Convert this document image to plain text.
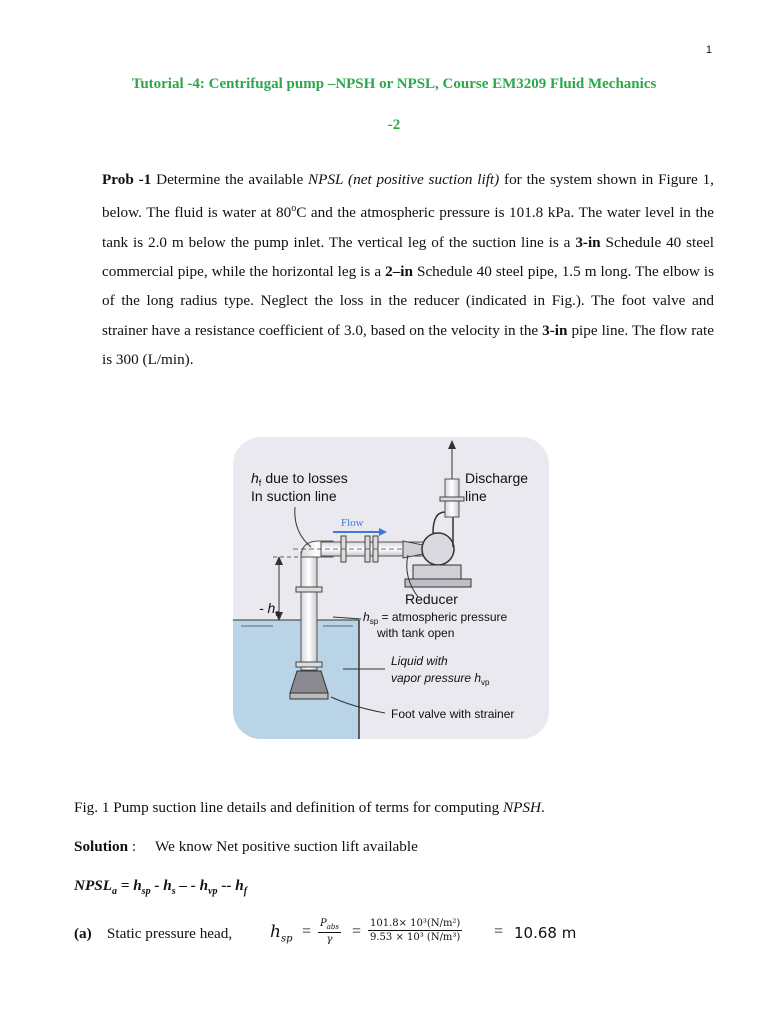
1
Tutorial -4: Centrifugal pump –NPSH or NPSL, Course EM3209 Fluid Mechanics
-2
Prob -1 Determine the available NPSL (net positive suction lift) for the system shown in Figure 1, below. The fluid is water at 80$^o$C and the atmospheric pressure is 101.8 kPa. The water level in the tank is 2.0 m below the pump inlet. The vertical leg of the suction line is a 3-in Schedule 40 steel commercial pipe, while the horizontal leg is a 2–in Schedule 40 steel pipe, 1.5 m long. The elbow is of the long radius type. Neglect the loss in the reducer (indicated in Fig.). The foot valve and strainer have a resistance coefficient of 3.0, based on the velocity in the 3-in pipe line. The flow rate is 300 (L/min).
$h_f$ due to losses
In suction line
Discharge
line
Flow
- $h_s$
Reducer
$h_{sp}$ = atmospheric pressure
with tank open
Liquid with
vapor pressure $h_{vp}$
Foot valve with strainer
Fig. 1 Pump suction line details and definition of terms for computing NPSH.
Solution : We know Net positive suction lift available
$NPSL_a = h_{sp} - h_s$ – - $h_{vp} -- h_f$
(a) Static pressure head, $h_{sp} = P_{abs}$
$\gamma = \frac{\text{101.8× 10³(N/m²)}}{\text{9.53 × 10³ (N/m³)}} = 10.68$ m
